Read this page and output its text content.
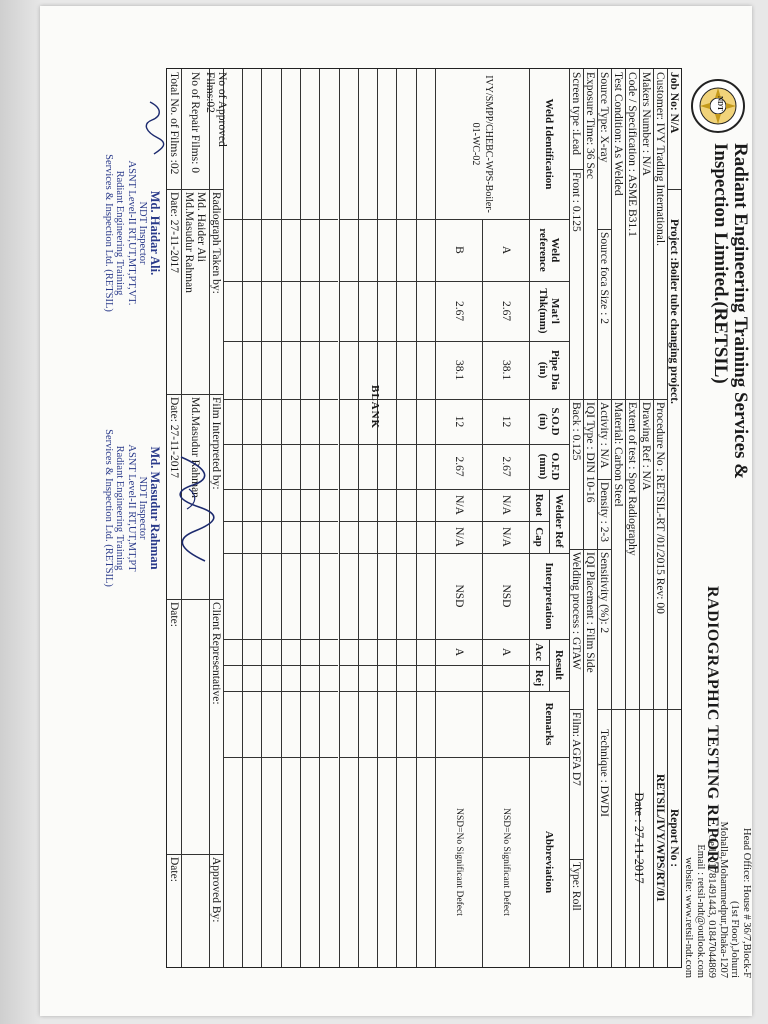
NDT
Radiant Engineering Training Services & Inspection Limited.(RETSIL)
RADIOGRAPHIC TESTING REPORT
Head Office: House # 36/7,Block-F
(1st Floor),Johurri
Mohalla,Mohammedpur,Dhaka-1207
Cell: 01781491443, 01847044869
Email : retsil-ndt@outlook.com
website: www.retsil-ndt.com
Job No: N/A
Project :Boiler tube changing project.
Report No :
Customer: IVY Trading International.
Procedure No : RETSIL-RT /01/2015 Rev: 00
RETSIL/IVY/WPS/RT/01
Makers Number : N/A
Drawing Ref : N/A
Code / Specification : ASME B31.1
Extent of test : Spot Radiography
Date : 27-11-2017
Test Condition: As Welded
Material: Carbon Steel
Source Type: X-ray
Source foca Size : 2
Activity : N/A
Density : 2-3
Sensitivity (%): 2
Technique : DWDI
Exposure Time: 36 Sec
IQI Type : DIN 10-16
IQI Placement : Film Side
Screen type :Lead
Front : 0.125
Back : 0.125
Welding process : GTAW
Film: AGFA D7
Type: Roll
Weld Identification
Weld reference
Mat'l Thk(mm)
Pipe Dia (in)
S.O.D (in)
O.F.D (mm)
Welder Ref
Root
Cap
Interpretation
Result
Acc
Rej
Remarks
Abbreviation
IVY/SMPP/CHEBC-WPS-Boiler-01-WC-02
A
2.67
38.1
12
2.67
N/A
N/A
NSD
A
NSD=No Significant Defect
B
2.67
38.1
12
2.67
N/A
N/A
NSD
A
NSD=No Significant Defect
BLANK
No of Approved Films:02
Radiograph Taken by:
Film Interpreted by:
Client Representative:
Approved By:
No of Repair Films: 0
Md. Haider Ali
Md.Masudur Rahman
Md.Masudur Rahman
Total No. of Films :02
Date: 27-11-2017
Date: 27-11-2017
Date:
Date:
Md. Haidar Ali.
NDT Inspector
ASNT Level-II RT,UT,MT,PT,VT.
Radiant Engineering Training
Services & Inspection Ltd. (RETSIL)
Md. Masudur Rahman
NDT Inspector
ASNT Level-II RT,UT,MT,PT
Radiant Engineering Training
Services & Inspection Ltd. (RETSIL)
